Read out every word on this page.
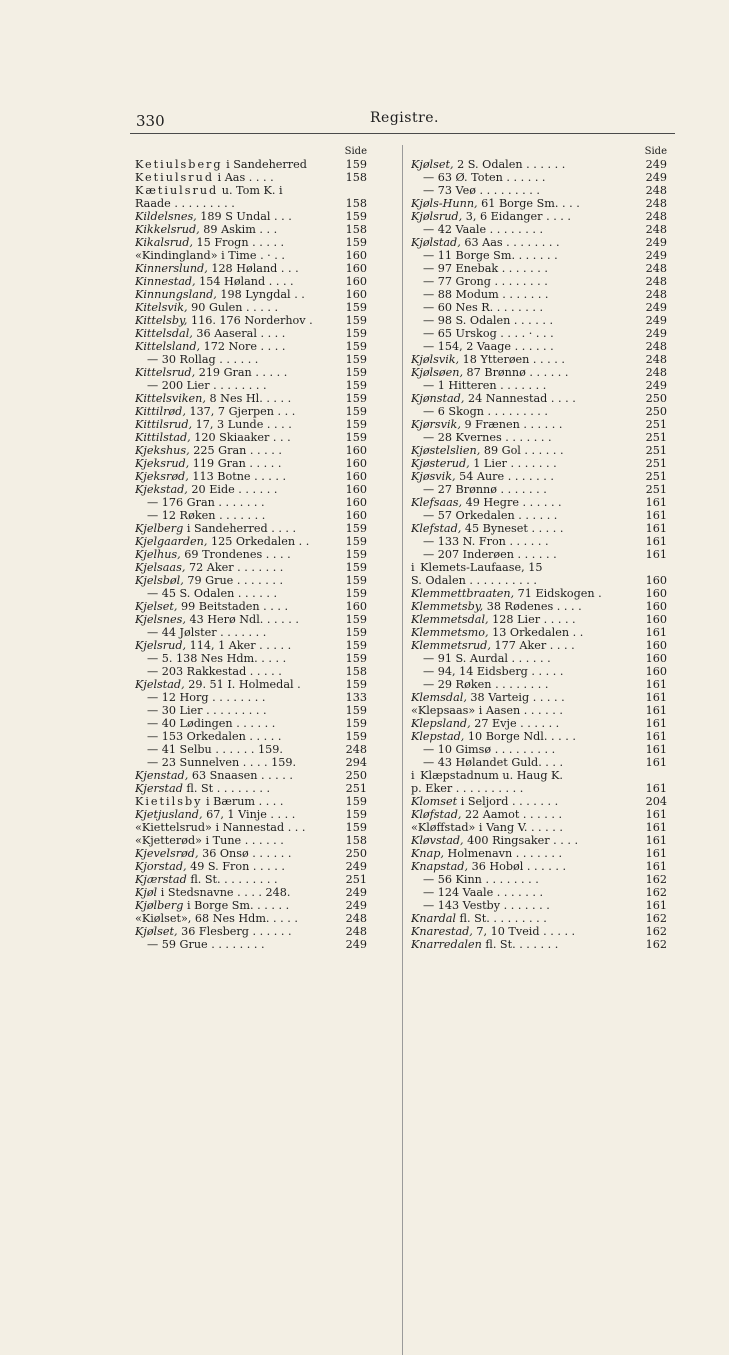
330	Registre.
Side
Ketiulsberg i Sandeherred	159
Ketiulsrud i Aas . . . .	158
Kætiulsrud u. Tom K. i
Raade . . . . . . . . .	158
Kildelsnes, 189 S Undal . . .	159
Kikkelsrud, 89 Askim . . .	158
Kikalsrud, 15 Frogn . . . . .	159
«Kindingland» i Time . · . .	160
Kinnerslund, 128 Høland . . .	160
Kinnestad, 154 Høland . . . .	160
Kinnungsland, 198 Lyngdal . .	160
Kitelsvik, 90 Gulen . . . . .	159
Kittelsby, 116. 176 Norderhov .	159
Kittelsdal, 36 Aaseral . . . .	159
Kittelsland, 172 Nore . . . .	159
— 30 Rollag . . . . . .	159
Kittelsrud, 219 Gran . . . . .	159
— 200 Lier . . . . . . . .	159
Kittelsviken, 8 Nes Hl. . . . .	159
Kittilrød, 137, 7 Gjerpen . . .	159
Kittilsrud, 17, 3 Lunde . . . .	159
Kittilstad, 120 Skiaaker . . .	159
Kjekshus, 225 Gran . . . . .	160
Kjeksrud, 119 Gran . . . . .	160
Kjeksrød, 113 Botne . . . . .	160
Kjekstad, 20 Eide . . . . . .	160
— 176 Gran . . . . . . .	160
— 12 Røken . . . . . . .	160
Kjelberg i Sandeherred . . . .	159
Kjelgaarden, 125 Orkedalen . .	159
Kjelhus, 69 Trondenes . . . .	159
Kjelsaas, 72 Aker . . . . . . .	159
Kjelsbøl, 79 Grue . . . . . . .	159
— 45 S. Odalen . . . . . .	159
Kjelset, 99 Beitstaden . . . .	160
Kjelsnes, 43 Herø Ndl. . . . . .	159
— 44 Jølster . . . . . . .	159
Kjelsrud, 114, 1 Aker . . . . .	159
— 5. 138 Nes Hdm. . . . .	159
— 203 Rakkestad . . . . .	158
Kjelstad, 29. 51 I. Holmedal .	159
— 12 Horg . . . . . . . .	133
— 30 Lier . . . . . . . . .	159
— 40 Lødingen . . . . . .	159
— 153 Orkedalen . . . . .	159
— 41 Selbu . . . . . . 159.	248
— 23 Sunnelven . . . . 159.	294
Kjenstad, 63 Snaasen . . . . .	250
Kjerstad fl. St . . . . . . . .	251
Kietilsby i Bærum . . . .	159
Kjetjusland, 67, 1 Vinje . . . .	159
«Kiettelsrud» i Nannestad . . .	159
«Kjetterød» i Tune . . . . . .	158
Kjevelsrød, 36 Onsø . . . . . .	250
Kjorstad, 49 S. Fron . . . . .	249
Kjærstad fl. St. . . . . . . . .	251
Kjøl i Stedsnavne . . . . 248.	249
Kjølberg i Borge Sm. . . . . .	249
«Kiølset», 68 Nes Hdm. . . . .	248
Kjølset, 36 Flesberg . . . . . .	248
— 59 Grue . . . . . . . .	249
Side
Kjølset, 2 S. Odalen . . . . . .	249
— 63 Ø. Toten . . . . . .	249
— 73 Veø . . . . . . . . .	248
Kjøls-Hunn, 61 Borge Sm. . . .	248
Kjølsrud, 3, 6 Eidanger . . . .	248
— 42 Vaale . . . . . . . .	248
Kjølstad, 63 Aas . . . . . . . .	249
— 11 Borge Sm. . . . . . .	249
— 97 Enebak . . . . . . .	248
— 77 Grong . . . . . . . .	248
— 88 Modum . . . . . . .	248
— 60 Nes R. . . . . . . .	249
— 98 S. Odalen . . . . . .	249
— 65 Urskog . . . . · . . .	249
— 154, 2 Vaage . . . . . .	248
Kjølsvik, 18 Ytterøen . . . . .	248
Kjølsøen, 87 Brønnø . . . . . .	248
— 1 Hitteren . . . . . . .	249
Kjønstad, 24 Nannestad . . . .	250
— 6 Skogn . . . . . . . . .	250
Kjørsvik, 9 Frænen . . . . . .	251
— 28 Kvernes . . . . . . .	251
Kjøstelslien, 89 Gol . . . . . .	251
Kjøsterud, 1 Lier . . . . . . .	251
Kjøsvik, 54 Aure . . . . . . .	251
— 27 Brønnø . . . . . . .	251
Klefsaas, 49 Hegre . . . . . .	161
— 57 Orkedalen . . . . . .	161
Klefstad, 45 Byneset . . . . .	161
— 133 N. Fron . . . . . .	161
— 207 Inderøen . . . . . .	161
i Klemets-Laufaase, 15
S. Odalen . . . . . . . . . .	160
Klemmettbraaten, 71 Eidskogen .	160
Klemmetsby, 38 Rødenes . . . .	160
Klemmetsdal, 128 Lier . . . . .	160
Klemmetsmo, 13 Orkedalen . .	161
Klemmetsrud, 177 Aker . . . .	160
— 91 S. Aurdal . . . . . .	160
— 94, 14 Eidsberg . . . . .	160
— 29 Røken . . . . . . . .	161
Klemsdal, 38 Varteig . . . . .	161
«Klepsaas» i Aasen . . . . . .	161
Klepsland, 27 Evje . . . . . .	161
Klepstad, 10 Borge Ndl. . . . .	161
— 10 Gimsø . . . . . . . . .	161
— 43 Hølandet Guld. . . .	161
i Klæpstadnum u. Haug K.
p. Eker . . . . . . . . . .	161
Klomset i Seljord . . . . . . .	204
Kløfstad, 22 Aamot . . . . . .	161
«Kløffstad» i Vang V. . . . . .	161
Kløvstad, 400 Ringsaker . . . .	161
Knap, Holmenavn . . . . . . .	161
Knapstad, 36 Hobøl . . . . . .	161
— 56 Kinn . . . . . . . .	162
— 124 Vaale . . . . . . .	162
— 143 Vestby . . . . . . .	161
Knardal fl. St. . . . . . . . .	162
Knarestad, 7, 10 Tveid . . . . .	162
Knarredalen fl. St. . . . . . .	162
